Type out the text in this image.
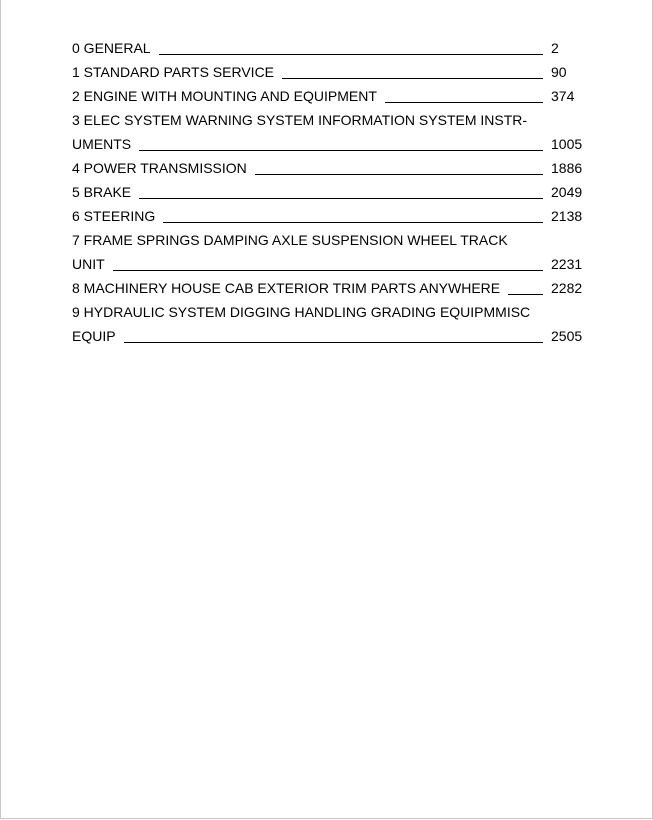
0 GENERAL	2
1 STANDARD PARTS SERVICE	90
2 ENGINE WITH MOUNTING AND EQUIPMENT	374
3 ELEC SYSTEM WARNING SYSTEM INFORMATION SYSTEM INSTR-
UMENTS	1005
4 POWER TRANSMISSION	1886
5 BRAKE	2049
6 STEERING	2138
7 FRAME SPRINGS DAMPING AXLE SUSPENSION WHEEL TRACK
UNIT	2231
8 MACHINERY HOUSE CAB EXTERIOR TRIM PARTS ANYWHERE	2282
9 HYDRAULIC SYSTEM DIGGING HANDLING GRADING EQUIPMMISC
EQUIP	2505
